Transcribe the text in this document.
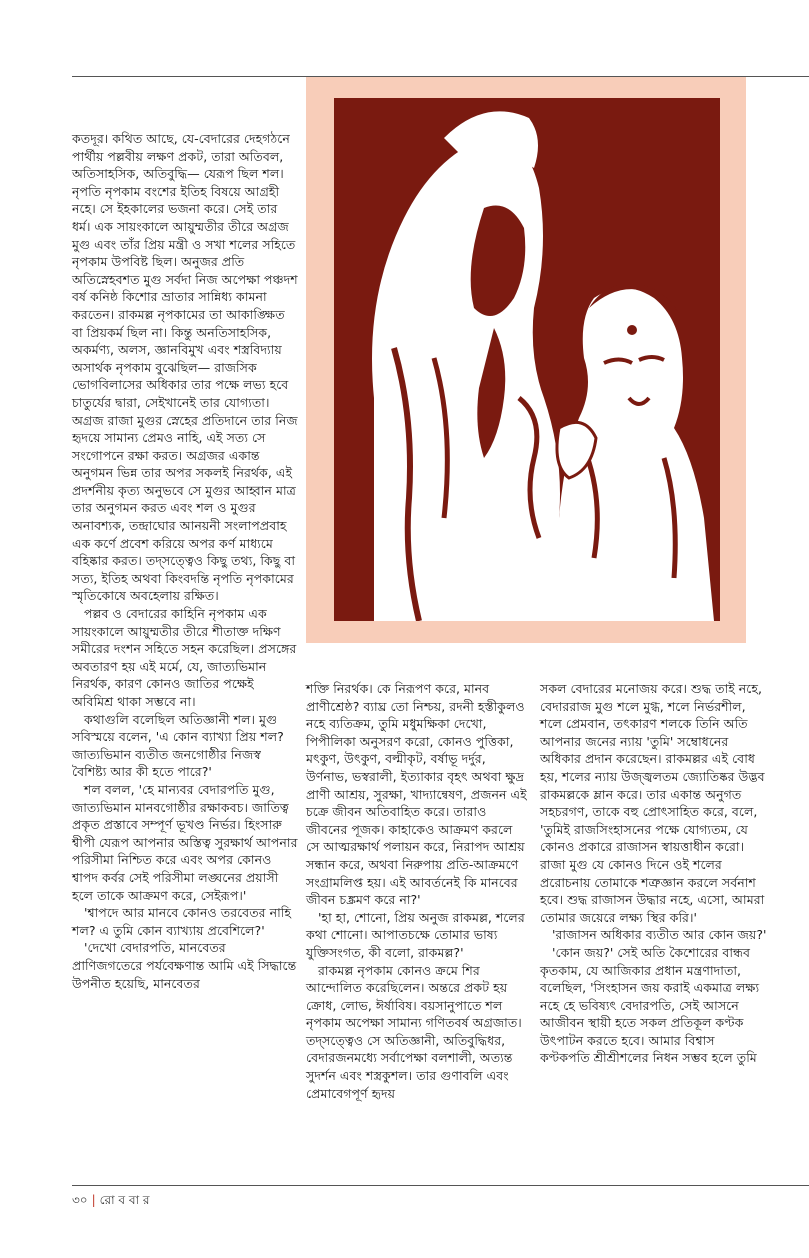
কতদূর। কথিত আছে, যে-বেদারের দেহগঠনে পার্থীয় পল্লবীয় লক্ষণ প্রকট, তারা অতিবল, অতিসাহসিক, অতিবুদ্ধি— যেরূপ ছিল শল। নৃপতি নৃপকাম বংশের ইতিহ বিষয়ে আগ্রহী নহে। সে ইহকালের ভজনা করে। সেই তার ধর্ম। এক সায়ংকালে আয়ুম্মতীর তীরে অগ্রজ মুগু এবং তাঁর প্রিয় মন্ত্রী ও সখা শলের সহিতে নৃপকাম উপবিষ্ট ছিল। অনুজর প্রতি অতিস্নেহবশত মুগু সর্বদা নিজ অপেক্ষা পঞ্চদশ বর্ষ কনিষ্ঠ কিশোর ভ্রাতার সান্নিধ্য কামনা করতেন। রাকমল্ল নৃপকামের তা আকাঙ্ক্ষিত বা প্রিয়কর্ম ছিল না। কিন্তু অনতিসাহসিক, অকর্মণ্য, অলস, জ্ঞানবিমুখ এবং শস্ত্রবিদ্যায় অসার্থক নৃপকাম বুঝেছিল— রাজসিক ভোগবিলাসের অধিকার তার পক্ষে লভ্য হবে চাতুর্যের দ্বারা, সেইখানেই তার যোগ্যতা। অগ্রজ রাজা মুগুর স্নেহের প্রতিদানে তার নিজ হৃদয়ে সামান্য প্রেমও নাহি, এই সত্য সে সংগোপনে রক্ষা করত। অগ্রজর একান্ত অনুগমন ভিন্ন তার অপর সকলই নিরর্থক, এই প্রদর্শনীয় কৃত্য অনুভবে সে মুগুর আহ্বান মাত্র তার অনুগমন করত এবং শল ও মুগুর অনাবশ্যক, তন্দ্রাঘোর আনয়নী সংলাপপ্রবাহ এক কর্ণে প্রবেশ করিয়ে অপর কর্ণ মাধ্যমে বহিষ্কার করত। তদ্সত্ত্বেও কিছু তথ্য, কিছু বা সত্য, ইতিহ অথবা কিংবদন্তি নৃপতি নৃপকামের স্মৃতিকোষে অবহেলায় রক্ষিত।

পল্লব ও বেদারের কাহিনি নৃপকাম এক সায়ংকালে আয়ুম্মতীর তীরে শীতাক্ত দক্ষিণ সমীরের দংশন সহিতে সহন করেছিল। প্রসঙ্গের অবতারণ হয় এই মর্মে, যে, জাত্যভিমান নিরর্থক, কারণ কোনও জাতির পক্ষেই অবিমিশ্র থাকা সম্ভবে না।

কথাগুলি বলেছিল অতিজ্ঞানী শল। মুগু সবিস্ময়ে বলেন, 'এ কোন ব্যাখ্যা প্রিয় শল? জাত্যভিমান ব্যতীত জনগোষ্ঠীর নিজস্ব বৈশিষ্ট্য আর কী হতে পারে?'

শল বলল, 'হে মান্যবর বেদারপতি মুগু, জাত্যভিমান মানবগোষ্ঠীর রক্ষাকবচ। জাতিত্ব প্রকৃত প্রস্তাবে সম্পূর্ণ ভূখণ্ড নির্ভর। হিংসারু শ্বীপী যেরূপ আপনার অস্তিত্ব সুরক্ষার্থ আপনার পরিসীমা নিশ্চিত করে এবং অপর কোনও শ্বাপদ কর্বর সেই পরিসীমা লঙ্ঘনের প্রয়াসী হলে তাকে আক্রমণ করে, সেইরূপ।'

'শ্বাপদে আর মানবে কোনও তরবেতর নাহি শল? এ তুমি কোন ব্যাখ্যায় প্রবেশিলে?'

'দেখো বেদারপতি, মানবেতর প্রাণিজগতেরে পর্যবেক্ষণান্ত আমি এই সিদ্ধান্তে উপনীত হয়েছি, মানবেতর

শক্তি নিরর্থক। কে নিরূপণ করে, মানব প্রাণীশ্রেষ্ঠ? ব্যাঘ্র তো নিশ্চয়, রদনী হস্তীকুলও নহে ব্যতিক্রম, তুমি মধুমক্ষিকা দেখো, পিপীলিকা অনুসরণ করো, কোনও পুত্তিকা, মৎকুণ, উৎকুণ, বল্মীকৃট, বর্ষাভূ দর্দুর, উর্ণনাভ, ভস্বরালী, ইত্যাকার বৃহৎ অথবা ক্ষুদ্র প্রাণী আশ্রয়, সুরক্ষা, খাদ্যান্বেষণ, প্রজনন এই চক্রে জীবন অতিবাহিত করে। তারাও জীবনের পূজক। কাহাকেও আক্রমণ করলে সে আত্মরক্ষার্থ পলায়ন করে, নিরাপদ আশ্রয় সন্ধান করে, অথবা নিরুপায় প্রতি-আক্রমণে সংগ্রামলিপ্ত হয়। এই আবর্তনেই কি মানবের জীবন চঙ্ক্রমণ করে না?'

'হা হা, শোনো, প্রিয় অনুজ রাকমল্ল, শলের কথা শোনো। আপাতচক্ষে তোমার ভাষ্য যুক্তিসংগত, কী বলো, রাকমল্ল?'

রাকমল্ল নৃপকাম কোনও ক্রমে শির আন্দোলিত করেছিলেন। অন্তরে প্রকট হয় ক্রোধ, লোভ, ঈর্ষাবিষ। বয়সানুপাতে শল নৃপকাম অপেক্ষা সামান্য গণিতবর্ষ অগ্রজাত। তদ্সত্ত্বেও সে অতিজ্ঞানী, অতিবুদ্ধিধর, বেদারজনমধ্যে সর্বাপেক্ষা বলশালী, অত্যন্ত সুদর্শন এবং শস্ত্রকুশল। তার গুণাবলি এবং প্রেমাবেগপূর্ণ হৃদয়

সকল বেদারের মনোজয় করে। শুদ্ধ তাই নহে, বেদাররাজ মুগু শলে মুগ্ধ, শলে নির্ভরশীল, শলে প্রেমবান, তৎকারণ শলকে তিনি অতি আপনার জনের ন্যায় 'তুমি' সম্বোধনের অধিকার প্রদান করেছেন। রাকমল্লর এই বোধ হয়, শলের ন্যায় উজ্জ্বলতম জ্যোতিষ্কর উদ্ভব রাকমল্লকে ম্লান করে। তার একান্ত অনুগত সহচরগণ, তাকে বহু প্রোৎসাহিত করে, বলে, 'তুমিই রাজসিংহাসনের পক্ষে যোগ্যতম, যে কোনও প্রকারে রাজাসন স্বায়ত্তাধীন করো। রাজা মুগু যে কোনও দিনে ওই শলের প্ররোচনায় তোমাকে শত্রুজ্ঞান করলে সর্বনাশ হবে। শুদ্ধ রাজাসন উদ্ধার নহে, এসো, আমরা তোমার জয়েরে লক্ষ্য স্থির করি।'

'রাজাসন অধিকার ব্যতীত আর কোন জয়?'

'কোন জয়?' সেই অতি কৈশোরের বান্ধব কৃতকাম, যে আজিকার প্রধান মন্ত্রণাদাতা, বলেছিল, 'সিংহাসন জয় করাই একমাত্র লক্ষ্য নহে হে ভবিষ্যৎ বেদারপতি, সেই আসনে আজীবন স্থায়ী হতে সকল প্রতিকূল কণ্টক উৎপাটন করতে হবে। আমার বিশ্বাস কণ্টকপতি শ্রীশ্রীশলের নিধন সম্ভব হলে তুমি

৩০ | রো ব বা র
